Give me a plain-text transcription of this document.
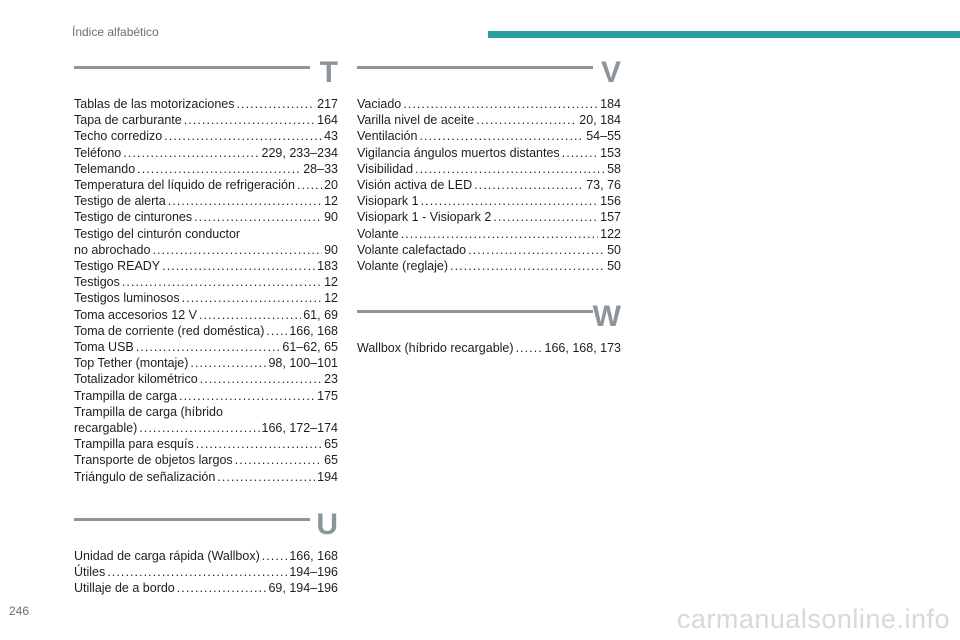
Índice alfabético
T
Tablas de las motorizaciones . . .	217
Tapa de carburante . . .	164
Techo corredizo . . .	43
Teléfono . . .	229, 233–234
Telemando . . .	28–33
Temperatura del líquido de refrigeración . . . 20
Testigo de alerta . . .	12
Testigo de cinturones . . .	90
Testigo del cinturón conductor
no abrochado . . .	90
Testigo READY . . .	183
Testigos . . .	12
Testigos luminosos . . .	12
Toma accesorios 12 V . . .	61, 69
Toma de corriente (red doméstica) . . . 166, 168
Toma USB . . .	61–62, 65
Top Tether (montaje) . . .	98, 100–101
Totalizador kilométrico . . .	23
Trampilla de carga . . .	175
Trampilla de carga (híbrido
recargable) . . .	166, 172–174
Trampilla para esquís . . .	65
Transporte de objetos largos . . .	65
Triángulo de señalización . . .	194
U
Unidad de carga rápida (Wallbox) . . . 166, 168
Útiles . . .	194–196
Utillaje de a bordo . . .	69, 194–196
V
Vaciado . . .	184
Varilla nivel de aceite . . .	20, 184
Ventilación . . .	54–55
Vigilancia ángulos muertos distantes . . .	153
Visibilidad . . .	58
Visión activa de LED . . .	73, 76
Visiopark 1 . . .	156
Visiopark 1 - Visiopark 2 . . .	157
Volante . . .	122
Volante calefactado . . .	50
Volante (reglaje) . . .	50
W
Wallbox (híbrido recargable) . . . 166, 168, 173
246	carmanualsonline.info
